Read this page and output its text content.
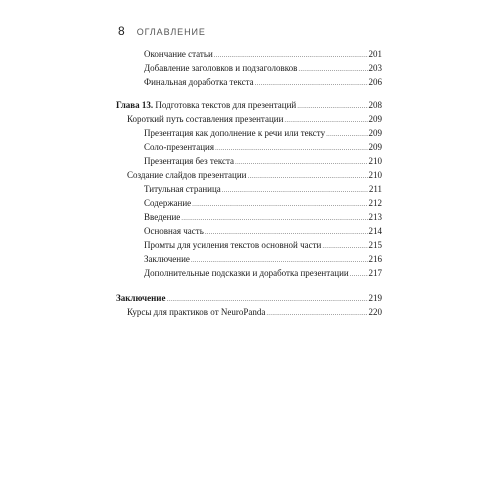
8 ОГЛАВЛЕНИЕ
Окончание статьи .....	201
Добавление заголовков и подзаголовков .....	203
Финальная доработка текста .....	206
Глава 13. Подготовка текстов для презентаций .....	208
Короткий путь составления презентации .....	209
Презентация как дополнение к речи или тексту .....	209
Соло-презентация .....	209
Презентация без текста .....	210
Создание слайдов презентации .....	210
Титульная страница .....	211
Содержание .....	212
Введение .....	213
Основная часть .....	214
Промты для усиления текстов основной части .....	215
Заключение .....	216
Дополнительные подсказки и доработка презентации ..... 217
Заключение .....	219
Курсы для практиков от NeuroPanda .....	220
